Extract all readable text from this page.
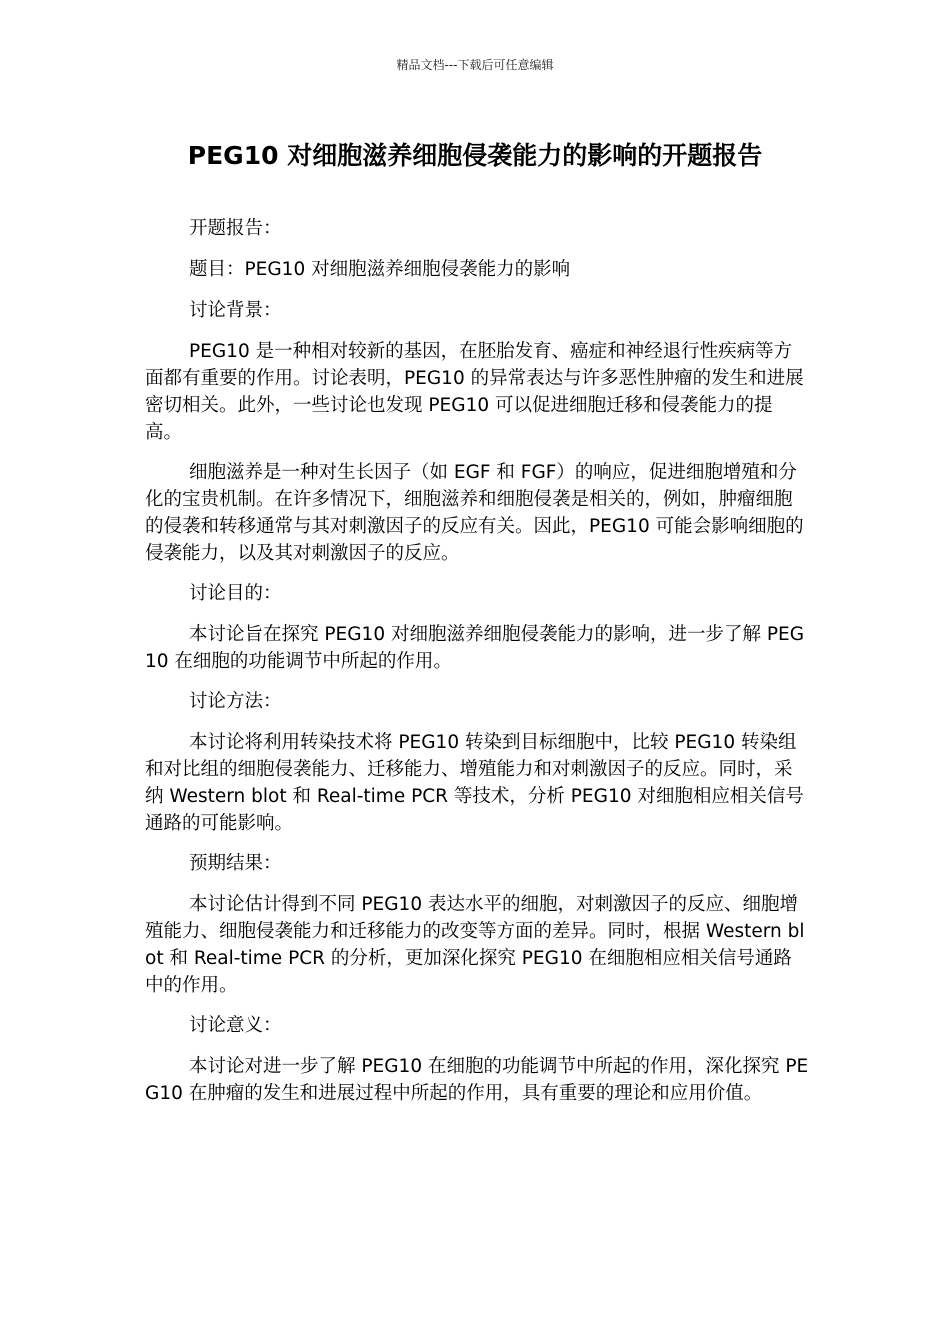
精品文档---下载后可任意编辑
PEG10 对细胞滋养细胞侵袭能力的影响的开题报告

开题报告：

题目：PEG10 对细胞滋养细胞侵袭能力的影响

讨论背景：

PEG10 是一种相对较新的基因，在胚胎发育、癌症和神经退行性疾病等方面都有重要的作用。讨论表明，PEG10 的异常表达与许多恶性肿瘤的发生和进展密切相关。此外，一些讨论也发现 PEG10 可以促进细胞迁移和侵袭能力的提高。

细胞滋养是一种对生长因子（如 EGF 和 FGF）的响应，促进细胞增殖和分化的宝贵机制。在许多情况下，细胞滋养和细胞侵袭是相关的，例如，肿瘤细胞的侵袭和转移通常与其对刺激因子的反应有关。因此，PEG10 可能会影响细胞的侵袭能力，以及其对刺激因子的反应。

讨论目的：

本讨论旨在探究 PEG10 对细胞滋养细胞侵袭能力的影响，进一步了解 PEG10 在细胞的功能调节中所起的作用。

讨论方法：

本讨论将利用转染技术将 PEG10 转染到目标细胞中，比较 PEG10 转染组和对比组的细胞侵袭能力、迁移能力、增殖能力和对刺激因子的反应。同时，采纳 Western blot 和 Real-time PCR 等技术，分析 PEG10 对细胞相应相关信号通路的可能影响。

预期结果：

本讨论估计得到不同 PEG10 表达水平的细胞，对刺激因子的反应、细胞增殖能力、细胞侵袭能力和迁移能力的改变等方面的差异。同时，根据 Western blot 和 Real-time PCR 的分析，更加深化探究 PEG10 在细胞相应相关信号通路中的作用。

讨论意义：

本讨论对进一步了解 PEG10 在细胞的功能调节中所起的作用，深化探究 PEG10 在肿瘤的发生和进展过程中所起的作用，具有重要的理论和应用价值。
